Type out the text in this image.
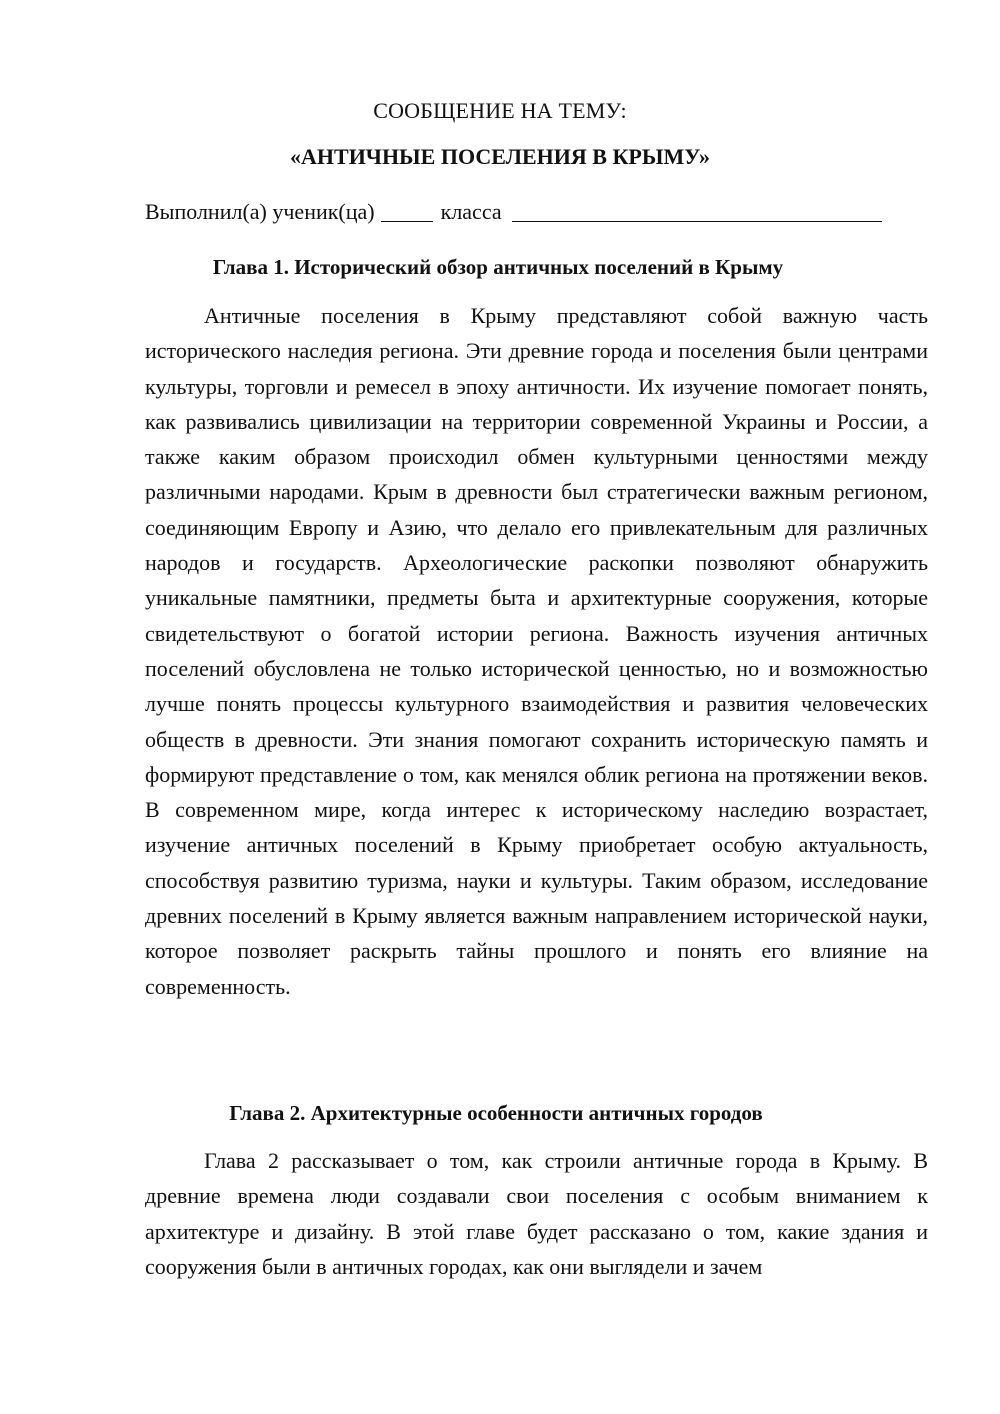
СООБЩЕНИЕ НА ТЕМУ:
«АНТИЧНЫЕ ПОСЕЛЕНИЯ В КРЫМУ»
Выполнил(а) ученик(ца)	класса
Глава 1. Исторический обзор античных поселений в Крыму

Античные поселения в Крыму представляют собой важную часть исторического наследия региона. Эти древние города и поселения были центрами культуры, торговли и ремесел в эпоху античности. Их изучение помогает понять, как развивались цивилизации на территории современной Украины и России, а также каким образом происходил обмен культурными ценностями между различными народами. Крым в древности был стратегически важным регионом, соединяющим Европу и Азию, что делало его привлекательным для различных народов и государств. Археологические раскопки позволяют обнаружить уникальные памятники, предметы быта и архитектурные сооружения, которые свидетельствуют о богатой истории региона. Важность изучения античных поселений обусловлена не только исторической ценностью, но и возможностью лучше понять процессы культурного взаимодействия и развития человеческих обществ в древности. Эти знания помогают сохранить историческую память и формируют представление о том, как менялся облик региона на протяжении веков. В современном мире, когда интерес к историческому наследию возрастает, изучение античных поселений в Крыму приобретает особую актуальность, способствуя развитию туризма, науки и культуры. Таким образом, исследование древних поселений в Крыму является важным направлением исторической науки, которое позволяет раскрыть тайны прошлого и понять его влияние на современность.

Глава 2. Архитектурные особенности античных городов

Глава 2 рассказывает о том, как строили античные города в Крыму. В древние времена люди создавали свои поселения с особым вниманием к архитектуре и дизайну. В этой главе будет рассказано о том, какие здания и сооружения были в античных городах, как они выглядели и зачем
